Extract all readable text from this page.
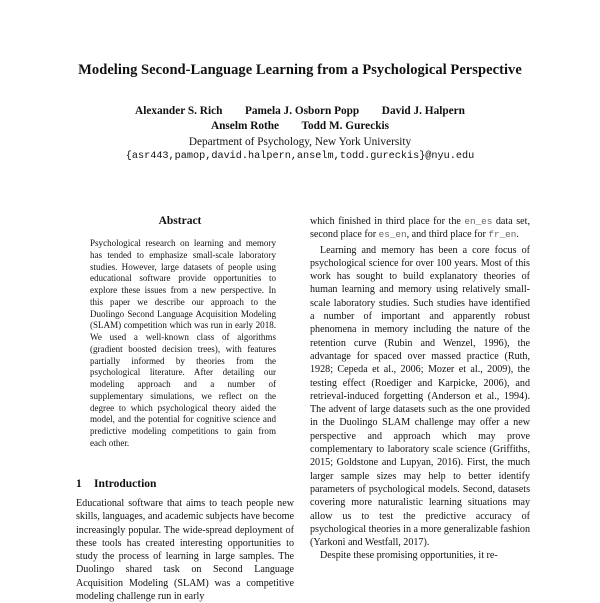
Modeling Second-Language Learning from a Psychological Perspective
Alexander S. Rich        Pamela J. Osborn Popp        David J. Halpern
Anselm Rothe        Todd M. Gureckis
Department of Psychology, New York University
{asr443,pamop,david.halpern,anselm,todd.gureckis}@nyu.edu
Abstract
Psychological research on learning and memory has tended to emphasize small-scale laboratory studies. However, large datasets of people using educational software provide opportunities to explore these issues from a new perspective. In this paper we describe our approach to the Duolingo Second Language Acquisition Modeling (SLAM) competition which was run in early 2018. We used a well-known class of algorithms (gradient boosted decision trees), with features partially informed by theories from the psychological literature. After detailing our modeling approach and a number of supplementary simulations, we reflect on the degree to which psychological theory aided the model, and the potential for cognitive science and predictive modeling competitions to gain from each other.
1 Introduction
Educational software that aims to teach people new skills, languages, and academic subjects have become increasingly popular. The wide-spread deployment of these tools has created interesting opportunities to study the process of learning in large samples. The Duolingo shared task on Second Language Acquisition Modeling (SLAM) was a competitive modeling challenge run in early

which finished in third place for the en_es data set, second place for es_en, and third place for fr_en.

Learning and memory has been a core focus of psychological science for over 100 years. Most of this work has sought to build explanatory theories of human learning and memory using relatively small-scale laboratory studies. Such studies have identified a number of important and apparently robust phenomena in memory including the nature of the retention curve (Rubin and Wenzel, 1996), the advantage for spaced over massed practice (Ruth, 1928; Cepeda et al., 2006; Mozer et al., 2009), the testing effect (Roediger and Karpicke, 2006), and retrieval-induced forgetting (Anderson et al., 1994). The advent of large datasets such as the one provided in the Duolingo SLAM challenge may offer a new perspective and approach which may prove complementary to laboratory scale science (Griffiths, 2015; Goldstone and Lupyan, 2016). First, the much larger sample sizes may help to better identify parameters of psychological models. Second, datasets covering more naturalistic learning situations may allow us to test the predictive accuracy of psychological theories in a more generalizable fashion (Yarkoni and Westfall, 2017).

Despite these promising opportunities, it re-
